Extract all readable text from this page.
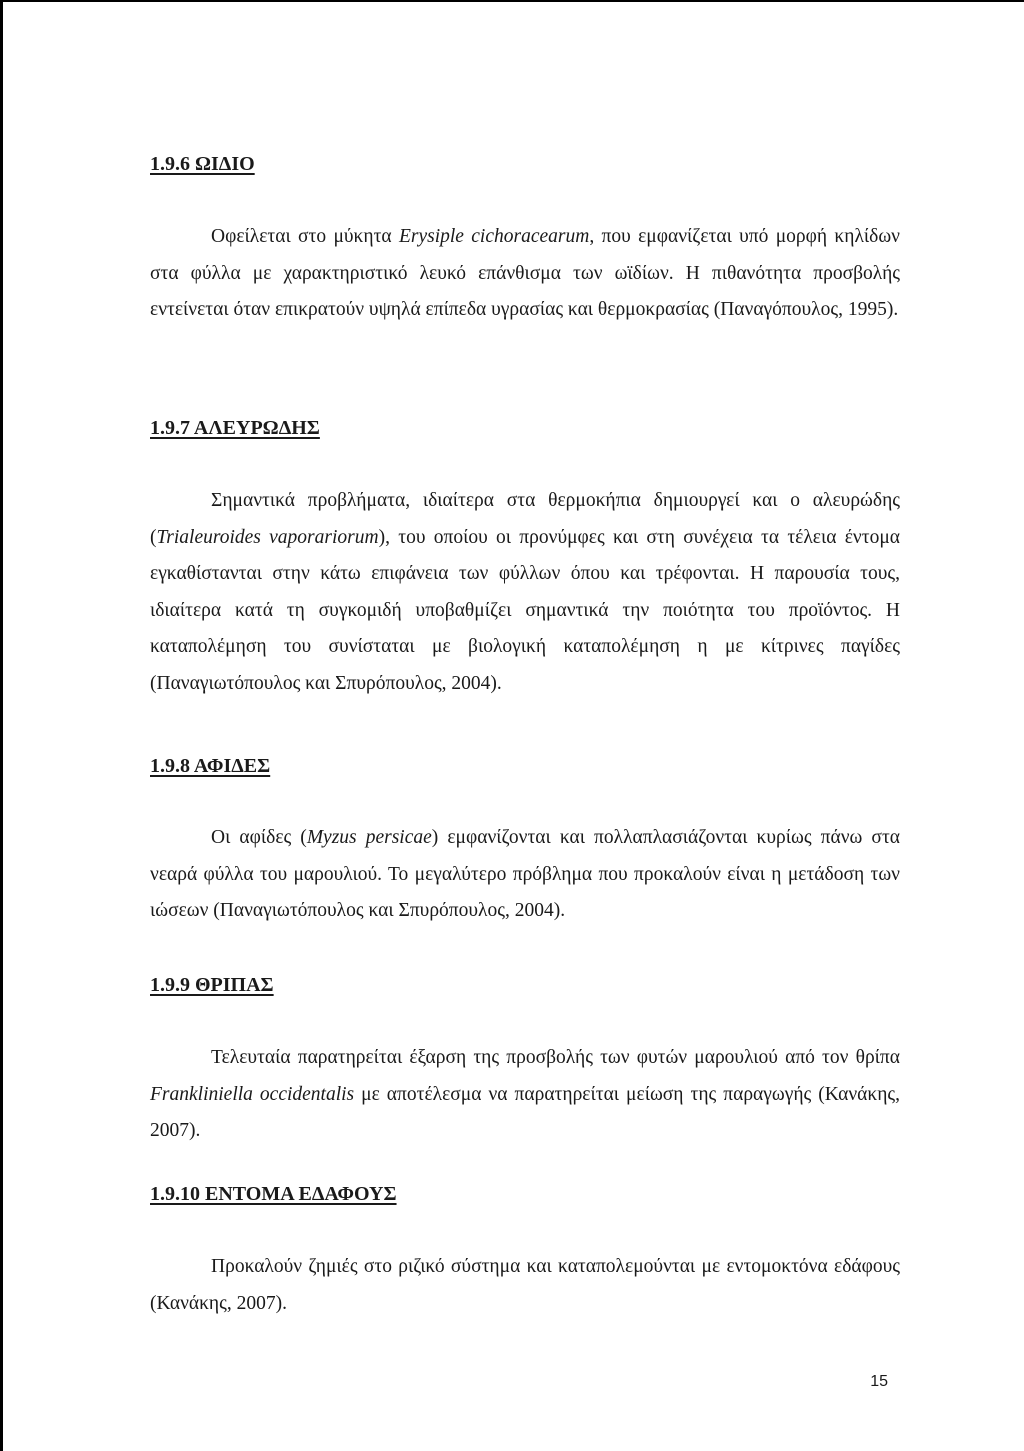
1.9.6 ΩΙΔΙΟ

Οφείλεται στο μύκητα Erysiple cichoracearum, που εμφανίζεται υπό μορφή κηλίδων στα φύλλα με χαρακτηριστικό λευκό επάνθισμα των ωϊδίων. Η πιθανότητα προσβολής εντείνεται όταν επικρατούν υψηλά επίπεδα υγρασίας και θερμοκρασίας (Παναγόπουλος, 1995).

1.9.7 ΑΛΕΥΡΩΔΗΣ

Σημαντικά προβλήματα, ιδιαίτερα στα θερμοκήπια δημιουργεί και ο αλευρώδης (Trialeuroides vaporariorum), του οποίου οι προνύμφες και στη συνέχεια τα τέλεια έντομα εγκαθίστανται στην κάτω επιφάνεια των φύλλων όπου και τρέφονται. Η παρουσία τους, ιδιαίτερα κατά τη συγκομιδή υποβαθμίζει σημαντικά την ποιότητα του προϊόντος. Η καταπολέμηση του συνίσταται με βιολογική καταπολέμηση η με κίτρινες παγίδες (Παναγιωτόπουλος και Σπυρόπουλος, 2004).

1.9.8 ΑΦΙΔΕΣ

Οι αφίδες (Myzus persicae) εμφανίζονται και πολλαπλασιάζονται κυρίως πάνω στα νεαρά φύλλα του μαρουλιού. Το μεγαλύτερο πρόβλημα που προκαλούν είναι η μετάδοση των ιώσεων (Παναγιωτόπουλος και Σπυρόπουλος, 2004).

1.9.9 ΘΡΙΠΑΣ

Τελευταία παρατηρείται έξαρση της προσβολής των φυτών μαρουλιού από τον θρίπα Frankliniella occidentalis με αποτέλεσμα να παρατηρείται μείωση της παραγωγής (Κανάκης, 2007).

1.9.10 ΕΝΤΟΜΑ ΕΔΑΦΟΥΣ

Προκαλούν ζημιές στο ριζικό σύστημα και καταπολεμούνται με εντομοκτόνα εδάφους (Κανάκης, 2007).

15
